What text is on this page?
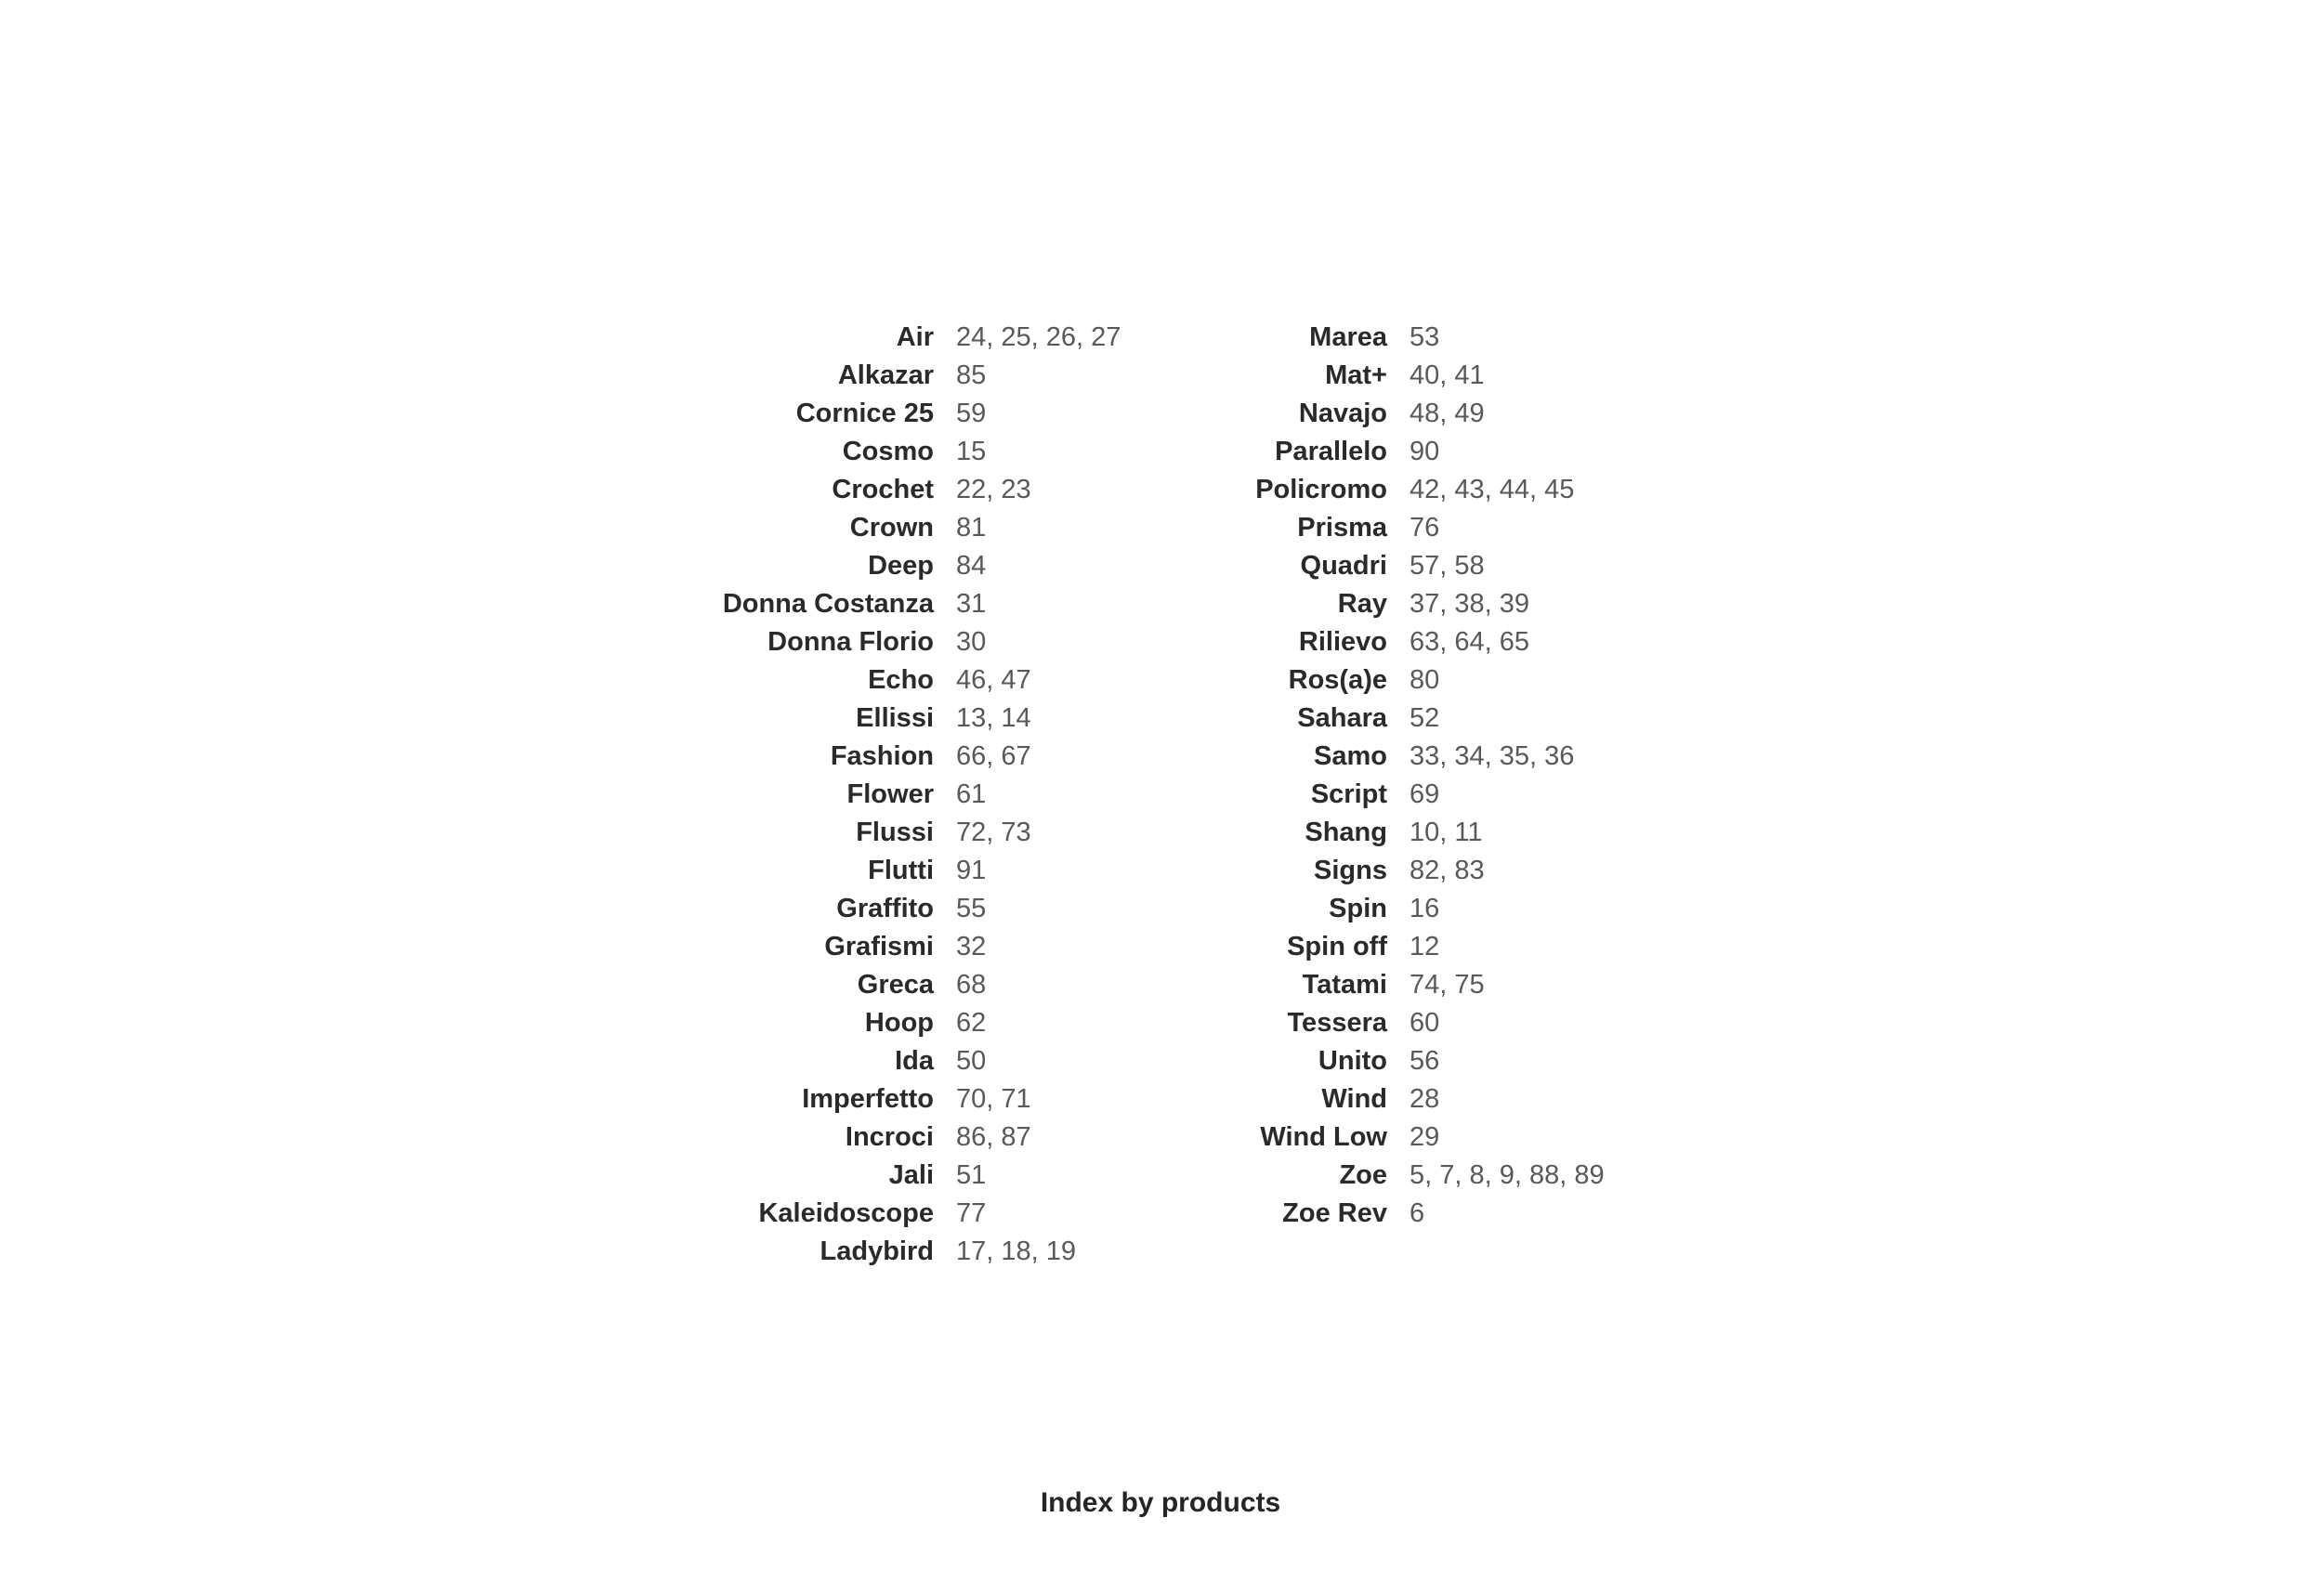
Air 24, 25, 26, 27
Alkazar 85
Cornice 25 59
Cosmo 15
Crochet 22, 23
Crown 81
Deep 84
Donna Costanza 31
Donna Florio 30
Echo 46, 47
Ellissi 13, 14
Fashion 66, 67
Flower 61
Flussi 72, 73
Flutti 91
Graffito 55
Grafismi 32
Greca 68
Hoop 62
Ida 50
Imperfetto 70, 71
Incroci 86, 87
Jali 51
Kaleidoscope 77
Ladybird 17, 18, 19
Marea 53
Mat+ 40, 41
Navajo 48, 49
Parallelo 90
Policromo 42, 43, 44, 45
Prisma 76
Quadri 57, 58
Ray 37, 38, 39
Rilievo 63, 64, 65
Ros(a)e 80
Sahara 52
Samo 33, 34, 35, 36
Script 69
Shang 10, 11
Signs 82, 83
Spin 16
Spin off 12
Tatami 74, 75
Tessera 60
Unito 56
Wind 28
Wind Low 29
Zoe 5, 7, 8, 9, 88, 89
Zoe Rev 6
Index by products
